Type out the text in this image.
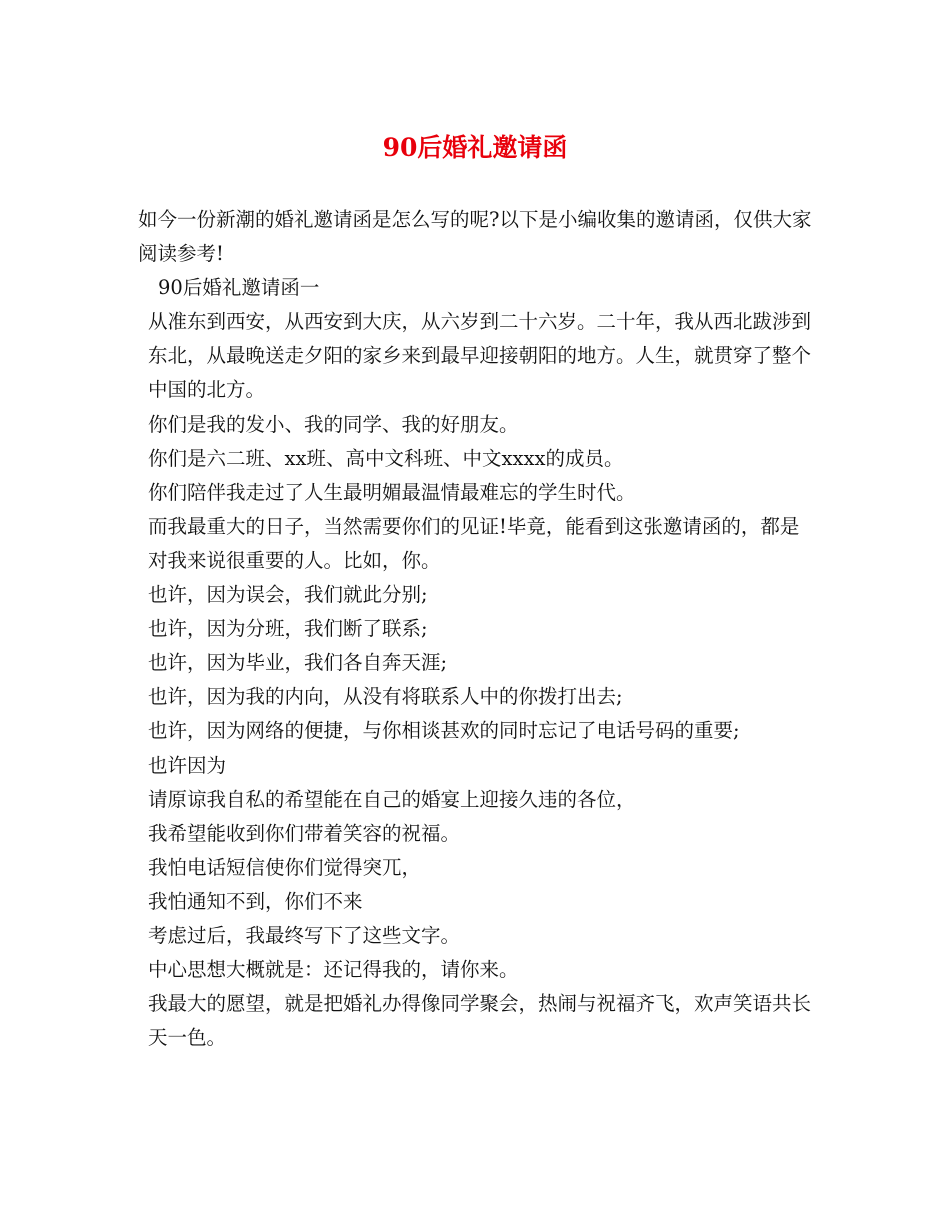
90后婚礼邀请函

如今一份新潮的婚礼邀请函是怎么写的呢?以下是小编收集的邀请函，仅供大家阅读参考!

90后婚礼邀请函一

从准东到西安，从西安到大庆，从六岁到二十六岁。二十年，我从西北跋涉到东北，从最晚送走夕阳的家乡来到最早迎接朝阳的地方。人生，就贯穿了整个中国的北方。

你们是我的发小、我的同学、我的好朋友。

你们是六二班、xx班、高中文科班、中文xxxx的成员。

你们陪伴我走过了人生最明媚最温情最难忘的学生时代。

而我最重大的日子，当然需要你们的见证!毕竟，能看到这张邀请函的，都是对我来说很重要的人。比如，你。

也许，因为误会，我们就此分别;

也许，因为分班，我们断了联系;

也许，因为毕业，我们各自奔天涯;

也许，因为我的内向，从没有将联系人中的你拨打出去;

也许，因为网络的便捷，与你相谈甚欢的同时忘记了电话号码的重要;

也许因为

请原谅我自私的希望能在自己的婚宴上迎接久违的各位，

我希望能收到你们带着笑容的祝福。

我怕电话短信使你们觉得突兀，

我怕通知不到，你们不来

考虑过后，我最终写下了这些文字。

中心思想大概就是：还记得我的，请你来。

我最大的愿望，就是把婚礼办得像同学聚会，热闹与祝福齐飞，欢声笑语共长天一色。
